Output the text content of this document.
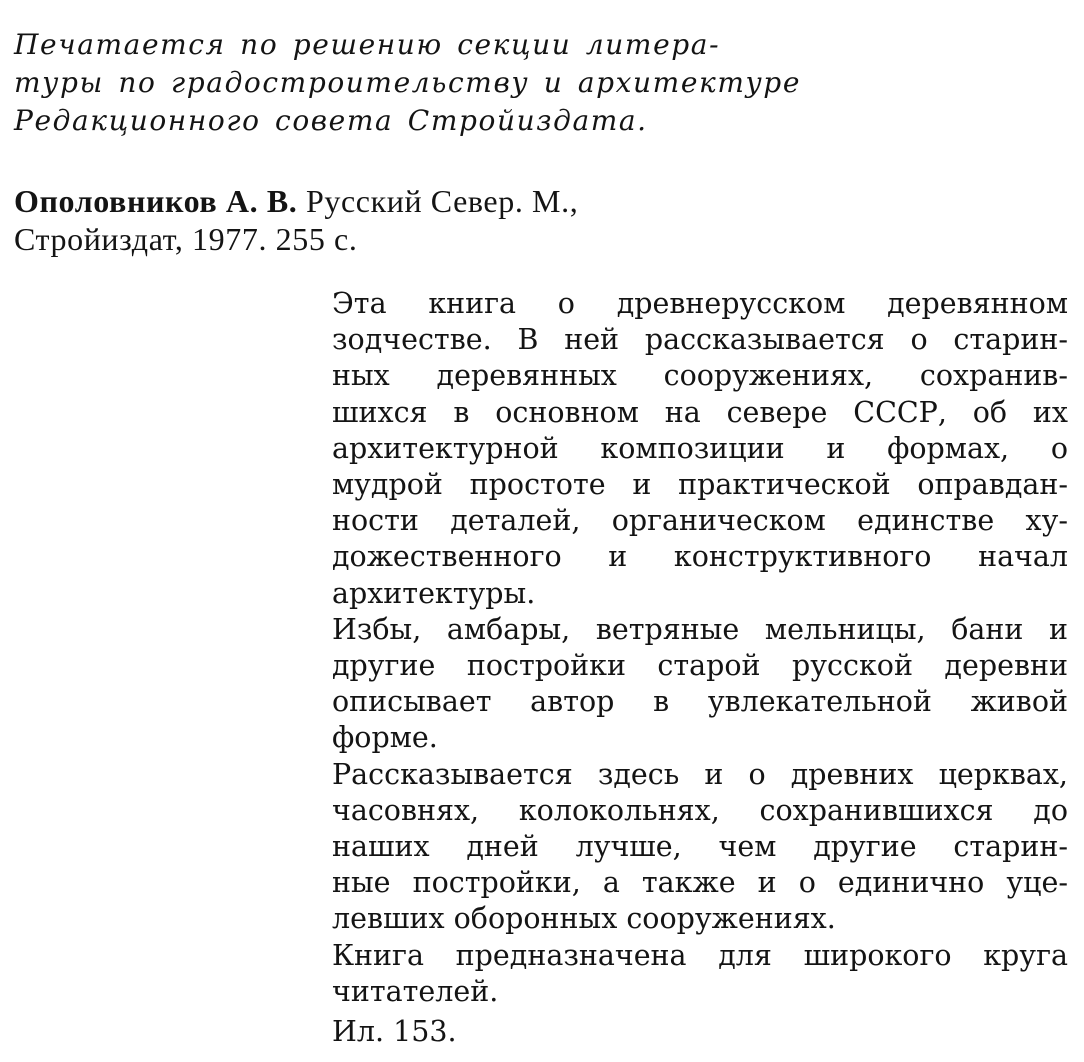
Печатается по решению секции литера-
туры по градостроительству и архитектуре
Редакционного совета Стройиздата.
Ополовников А. В. Русский Север. М.,
Стройиздат, 1977. 255 с.
Эта книга о древнерусском деревянном
зодчестве. В ней рассказывается о старин-
ных деревянных сооружениях, сохранив-
шихся в основном на севере СССР, об их
архитектурной композиции и формах, о
мудрой простоте и практической оправдан-
ности деталей, органическом единстве ху-
дожественного и конструктивного начал
архитектуры.
Избы, амбары, ветряные мельницы, бани и
другие постройки старой русской деревни
описывает автор в увлекательной живой
форме.
Рассказывается здесь и о древних церквах,
часовнях, колокольнях, сохранившихся до
наших дней лучше, чем другие старин-
ные постройки, а также и о единично уце-
левших оборонных сооружениях.
Книга предназначена для широкого круга
читателей.
Ил. 153.
